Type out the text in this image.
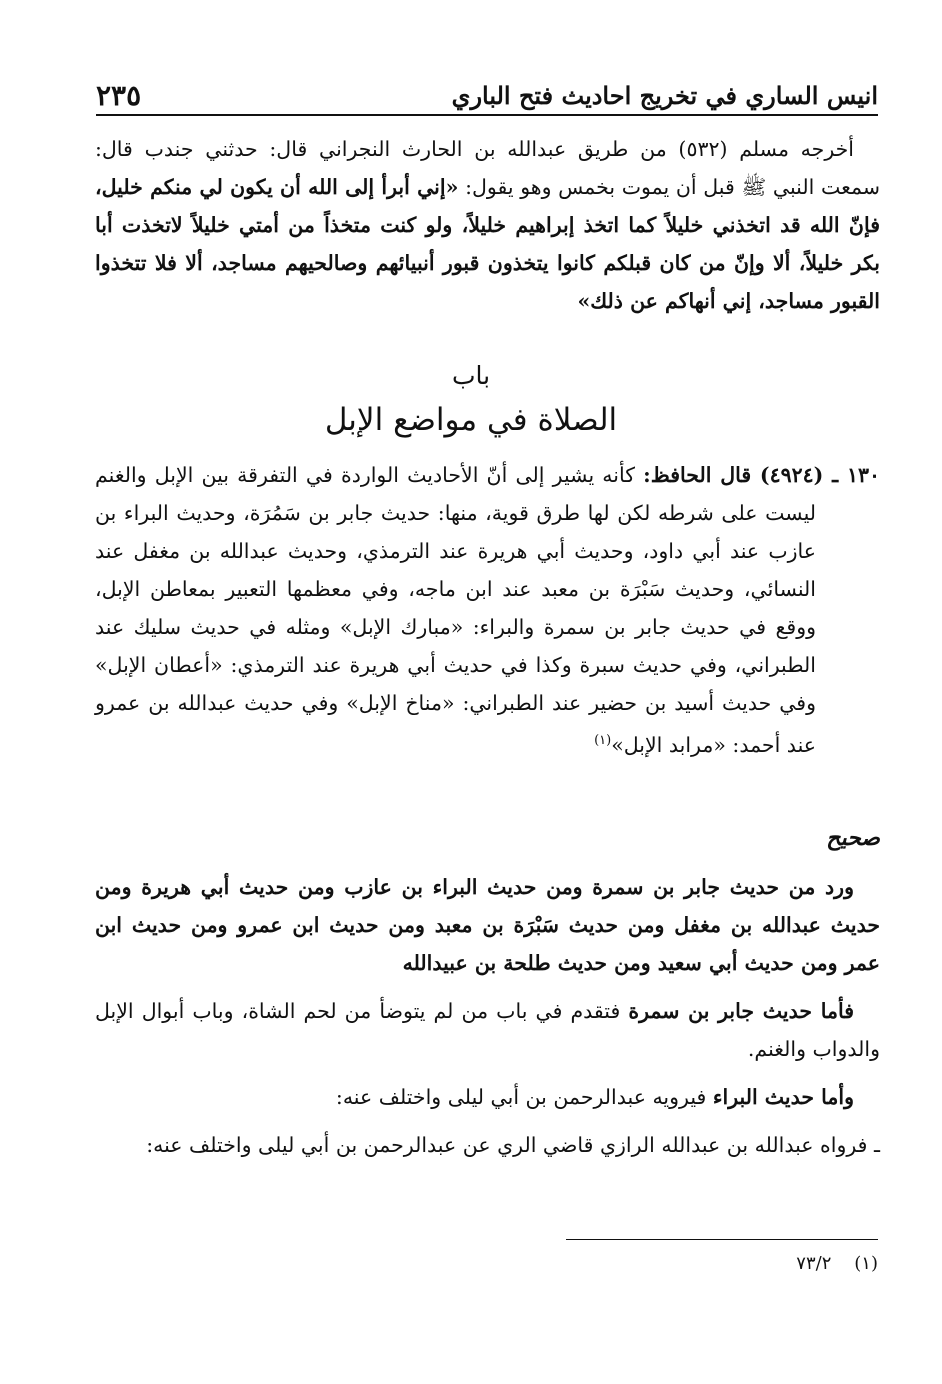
انيس الساري في تخريج احاديث فتح الباري
٢٣٥

أخرجه مسلم (٥٣٢) من طريق عبدالله بن الحارث النجراني قال: حدثني جندب قال: سمعت النبي ﷺ قبل أن يموت بخمس وهو يقول: «إني أبرأ إلى الله أن يكون لي منكم خليل، فإنّ الله قد اتخذني خليلاً كما اتخذ إبراهيم خليلاً، ولو كنت متخذاً من أمتي خليلاً لاتخذت أبا بكر خليلاً، ألا وإنّ من كان قبلكم كانوا يتخذون قبور أنبيائهم وصالحيهم مساجد، ألا فلا تتخذوا القبور مساجد، إني أنهاكم عن ذلك»

باب
الصلاة في مواضع الإبل

١٣٠ ـ (٤٩٢٤) قال الحافظ: كأنه يشير إلى أنّ الأحاديث الواردة في التفرقة بين الإبل والغنم ليست على شرطه لكن لها طرق قوية، منها: حديث جابر بن سَمُرَة، وحديث البراء بن عازب عند أبي داود، وحديث أبي هريرة عند الترمذي، وحديث عبدالله بن مغفل عند النسائي، وحديث سَبْرَة بن معبد عند ابن ماجه، وفي معظمها التعبير بمعاطن الإبل، ووقع في حديث جابر بن سمرة والبراء: «مبارك الإبل» ومثله في حديث سليك عند الطبراني، وفي حديث سبرة وكذا في حديث أبي هريرة عند الترمذي: «أعطان الإبل» وفي حديث أسيد بن حضير عند الطبراني: «مناخ الإبل» وفي حديث عبدالله بن عمرو عند أحمد: «مرابد الإبل»$^{(١)}$

صحيح

ورد من حديث جابر بن سمرة ومن حديث البراء بن عازب ومن حديث أبي هريرة ومن حديث عبدالله بن مغفل ومن حديث سَبْرَة بن معبد ومن حديث ابن عمرو ومن حديث ابن عمر ومن حديث أبي سعيد ومن حديث طلحة بن عبيدالله

فأما حديث جابر بن سمرة فتقدم في باب من لم يتوضأ من لحم الشاة، وباب أبوال الإبل والدواب والغنم.

وأما حديث البراء فيرويه عبدالرحمن بن أبي ليلى واختلف عنه:

ـ فرواه عبدالله بن عبدالله الرازي قاضي الري عن عبدالرحمن بن أبي ليلى واختلف عنه:

(١)    ٧٣/٢
